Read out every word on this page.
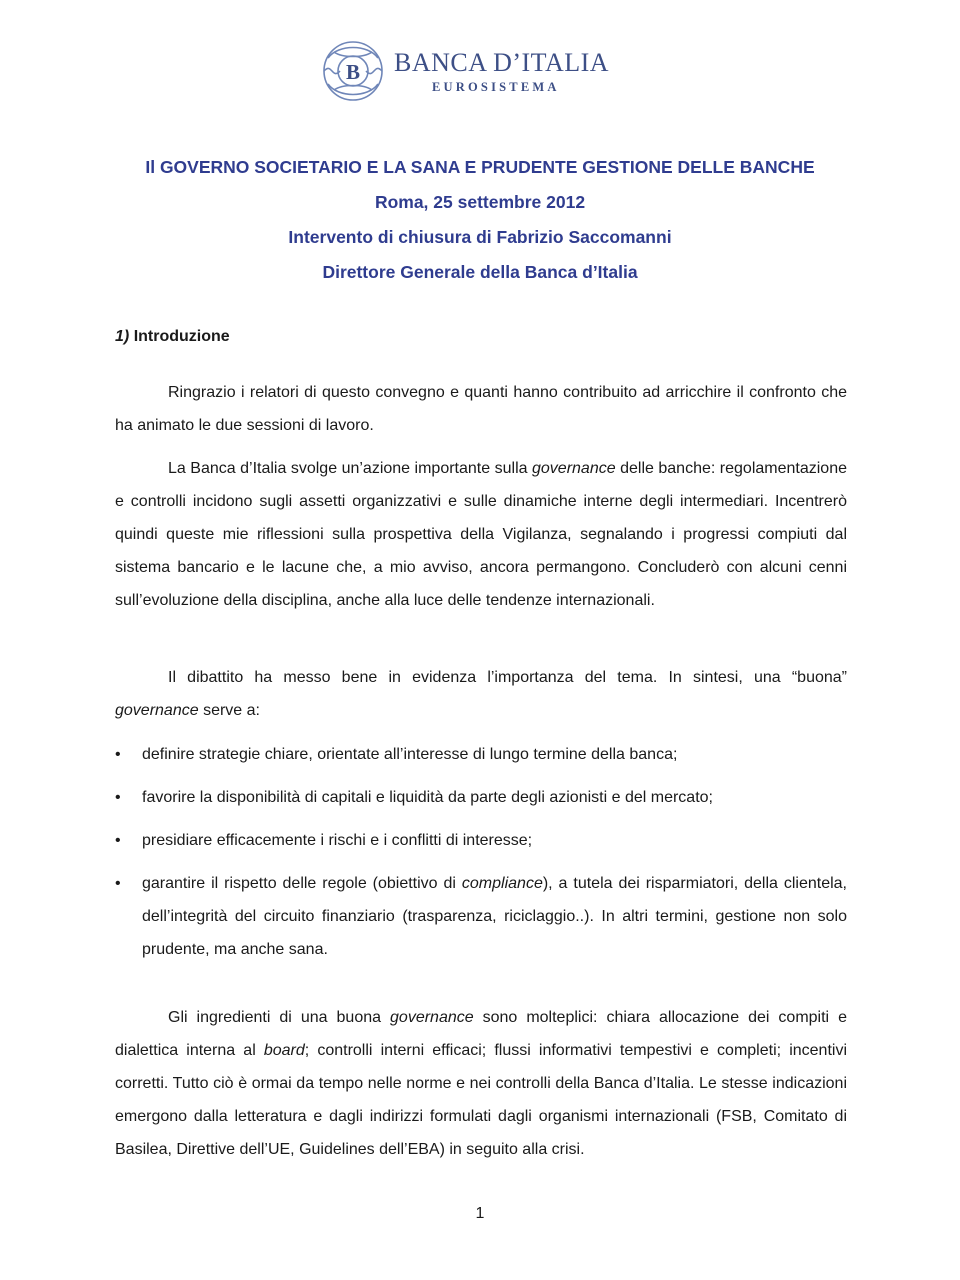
B BANCA D’ITALIA
EUROSISTEMA
Il GOVERNO SOCIETARIO E LA SANA E PRUDENTE GESTIONE DELLE BANCHE
Roma, 25 settembre 2012
Intervento di chiusura di Fabrizio Saccomanni
Direttore Generale della Banca d’Italia
1) Introduzione
Ringrazio i relatori di questo convegno e quanti hanno contribuito ad arricchire il confronto che ha animato le due sessioni di lavoro.
La Banca d’Italia svolge un’azione importante sulla governance delle banche: regolamentazione e controlli incidono sugli assetti organizzativi e sulle dinamiche interne degli intermediari. Incentrerò quindi queste mie riflessioni sulla prospettiva della Vigilanza, segnalando i progressi compiuti dal sistema bancario e le lacune che, a mio avviso, ancora permangono. Concluderò con alcuni cenni sull’evoluzione della disciplina, anche alla luce delle tendenze internazionali.
Il dibattito ha messo bene in evidenza l’importanza del tema. In sintesi, una “buona” governance serve a:
• definire strategie chiare, orientate all’interesse di lungo termine della banca;
• favorire la disponibilità di capitali e liquidità da parte degli azionisti e del mercato;
• presidiare efficacemente i rischi e i conflitti di interesse;
• garantire il rispetto delle regole (obiettivo di compliance), a tutela dei risparmiatori, della clientela, dell’integrità del circuito finanziario (trasparenza, riciclaggio..). In altri termini, gestione non solo prudente, ma anche sana.
Gli ingredienti di una buona governance sono molteplici: chiara allocazione dei compiti e dialettica interna al board; controlli interni efficaci; flussi informativi tempestivi e completi; incentivi corretti. Tutto ciò è ormai da tempo nelle norme e nei controlli della Banca d’Italia. Le stesse indicazioni emergono dalla letteratura e dagli indirizzi formulati dagli organismi internazionali (FSB, Comitato di Basilea, Direttive dell’UE, Guidelines dell’EBA) in seguito alla crisi.
1
